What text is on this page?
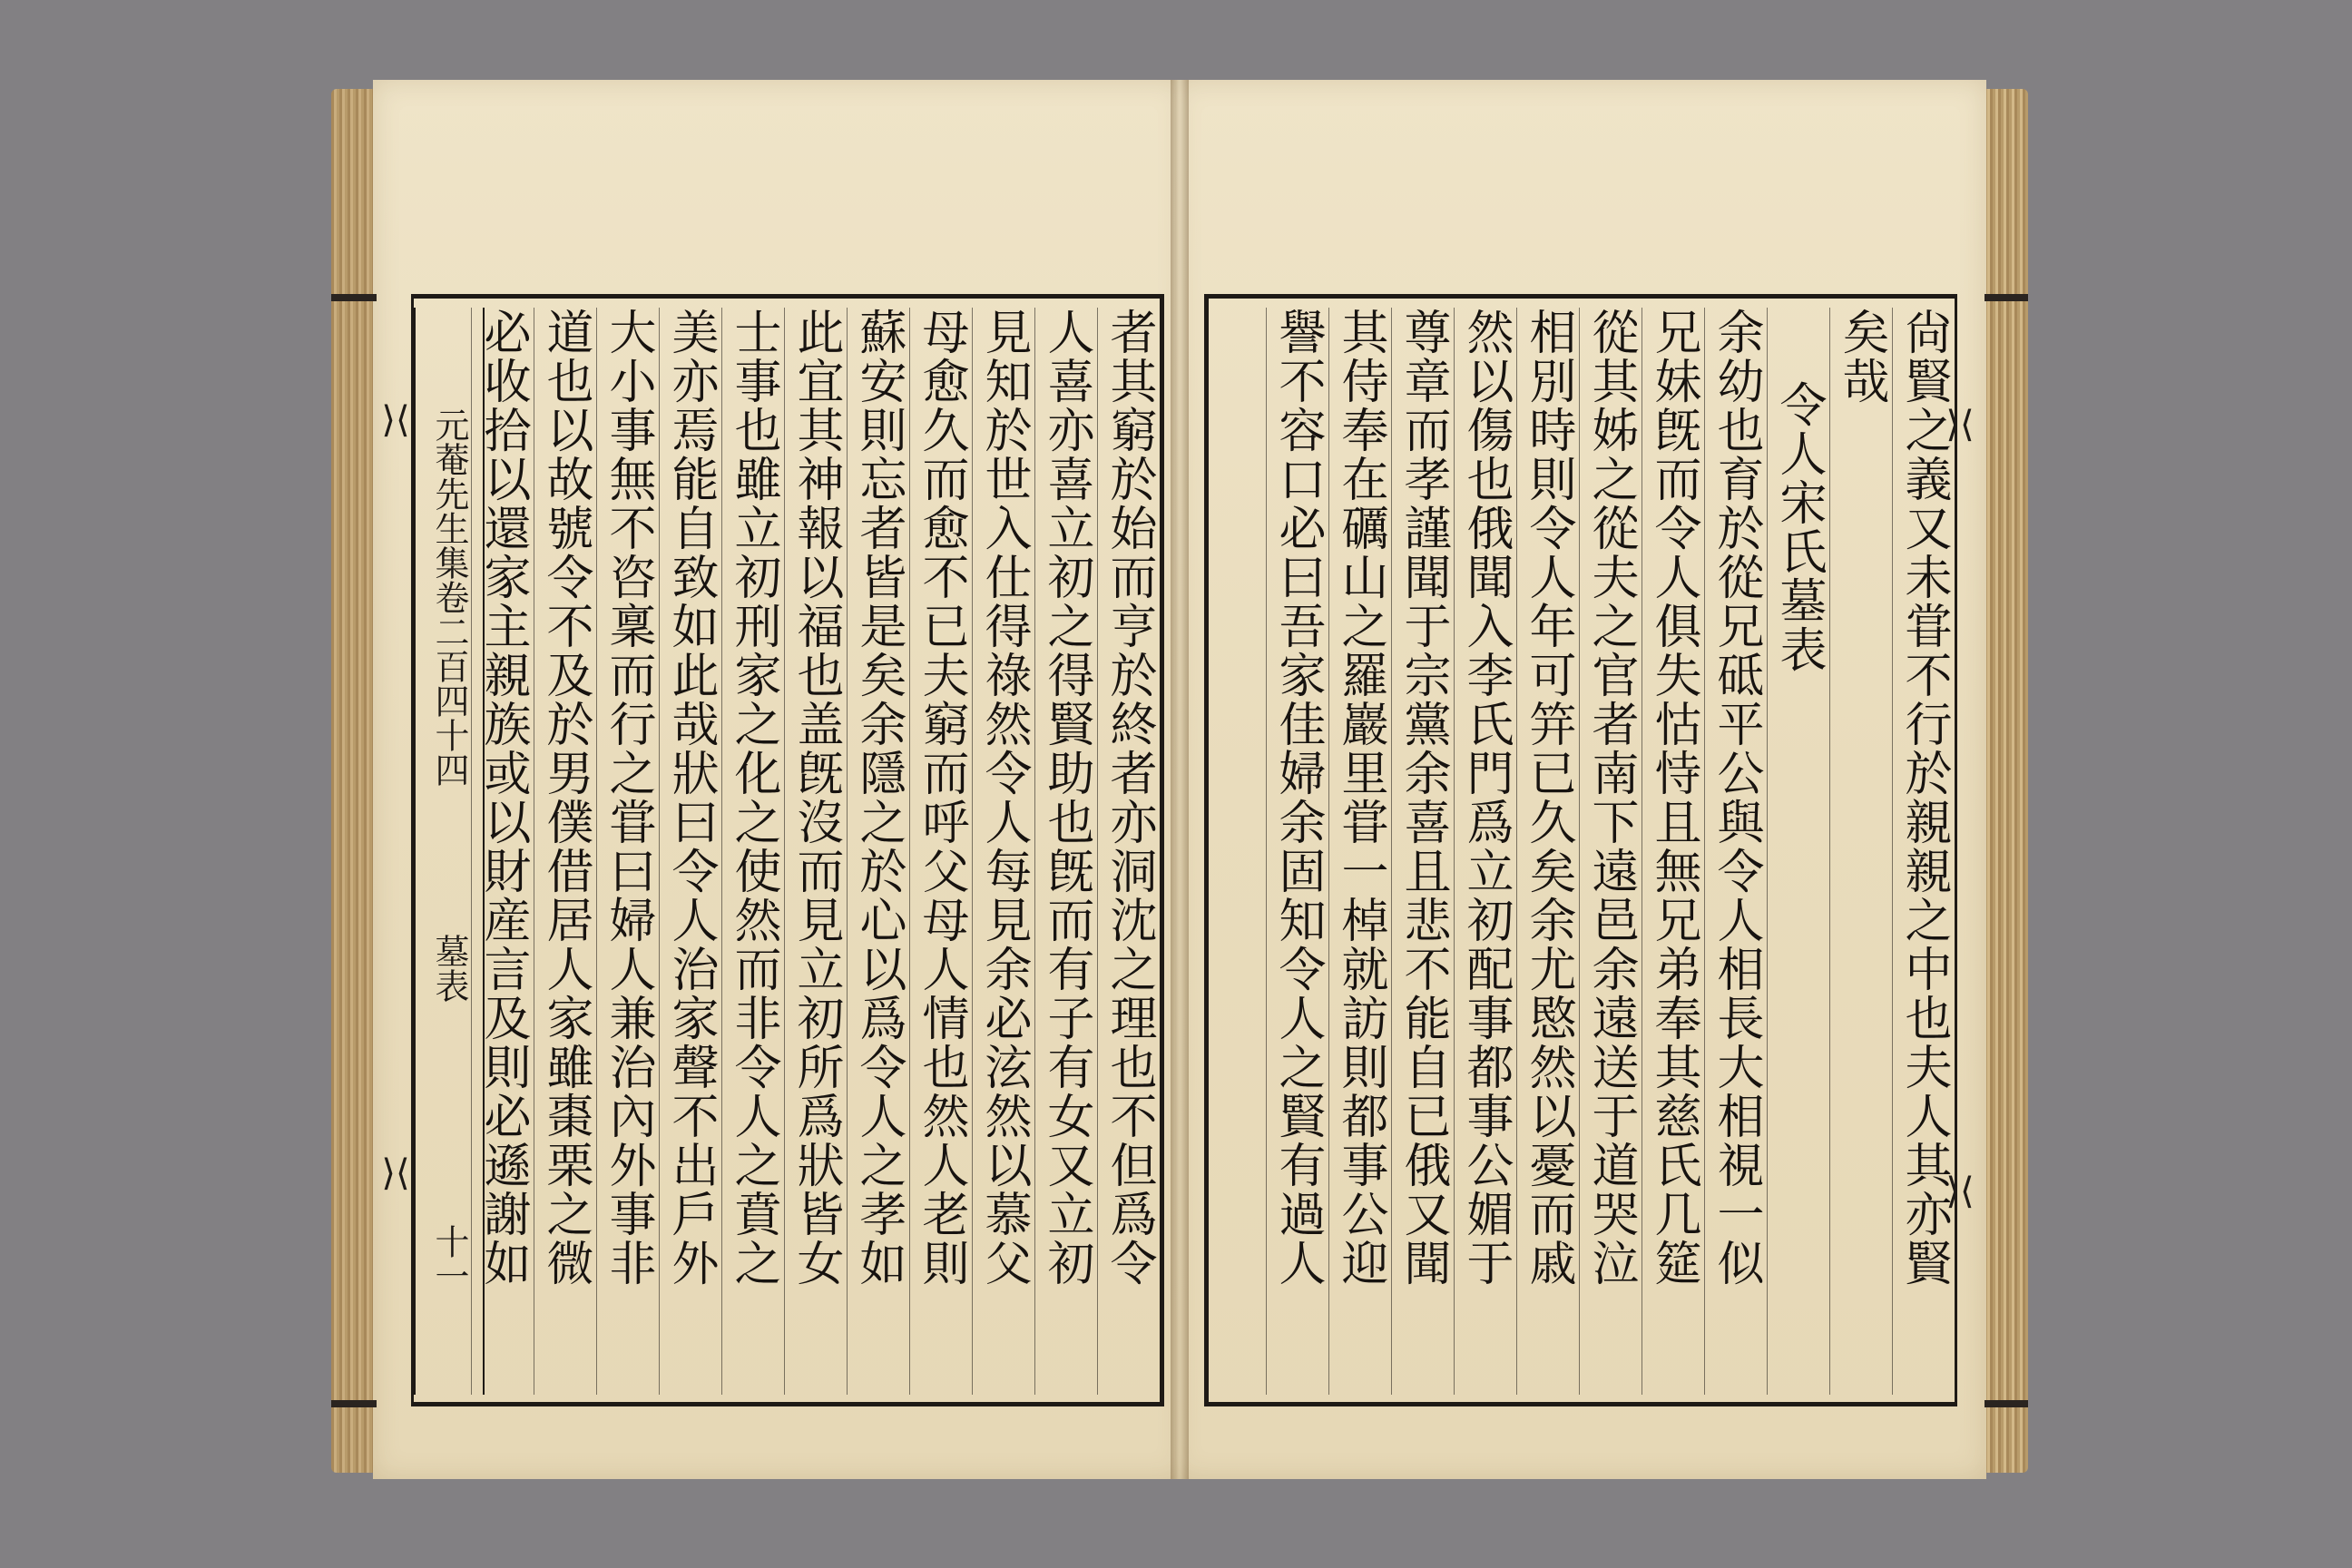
者其窮於始而亨於終者亦洞沈之理也不但爲令
人喜亦喜立初之得賢助也旣而有子有女又立初
見知於世入仕得祿然令人每見余必泫然以慕父
母愈久而愈不已夫窮而呼父母人情也然人老則
蘇安則忘者皆是矣余隱之於心以爲令人之孝如
此宜其神報以福也盖旣沒而見立初所爲狀皆女
士事也雖立初刑家之化之使然而非令人之賁之
美亦焉能自致如此哉狀曰令人治家聲不出戶外
大小事無不咨稟而行之甞曰婦人兼治內外事非
道也以故號令不及於男僕借居人家雖棗栗之微
必收拾以還家主親族或以財産言及則必遜謝如
元菴先生集卷二百四十四
墓表
十一
⟩⟨
⟩⟨	尙賢之義又未甞不行於親親之中也夫人其亦賢
矣哉
令人宋氏墓表
余幼也育於從兄砥平公與令人相長大相視一似
兄妹旣而令人俱失怙恃且無兄弟奉其慈氏几筵
從其姊之從夫之官者南下遠邑余遠送于道哭泣
相別時則令人年可笄已久矣余尤愍然以憂而戚
然以傷也俄聞入李氏門爲立初配事都事公媚于
尊章而孝謹聞于宗黨余喜且悲不能自已俄又聞
其侍奉在礪山之羅巖里甞一棹就訪則都事公迎
譽不容口必曰吾家佳婦余固知令人之賢有過人	⟩⟨
⟩⟨
